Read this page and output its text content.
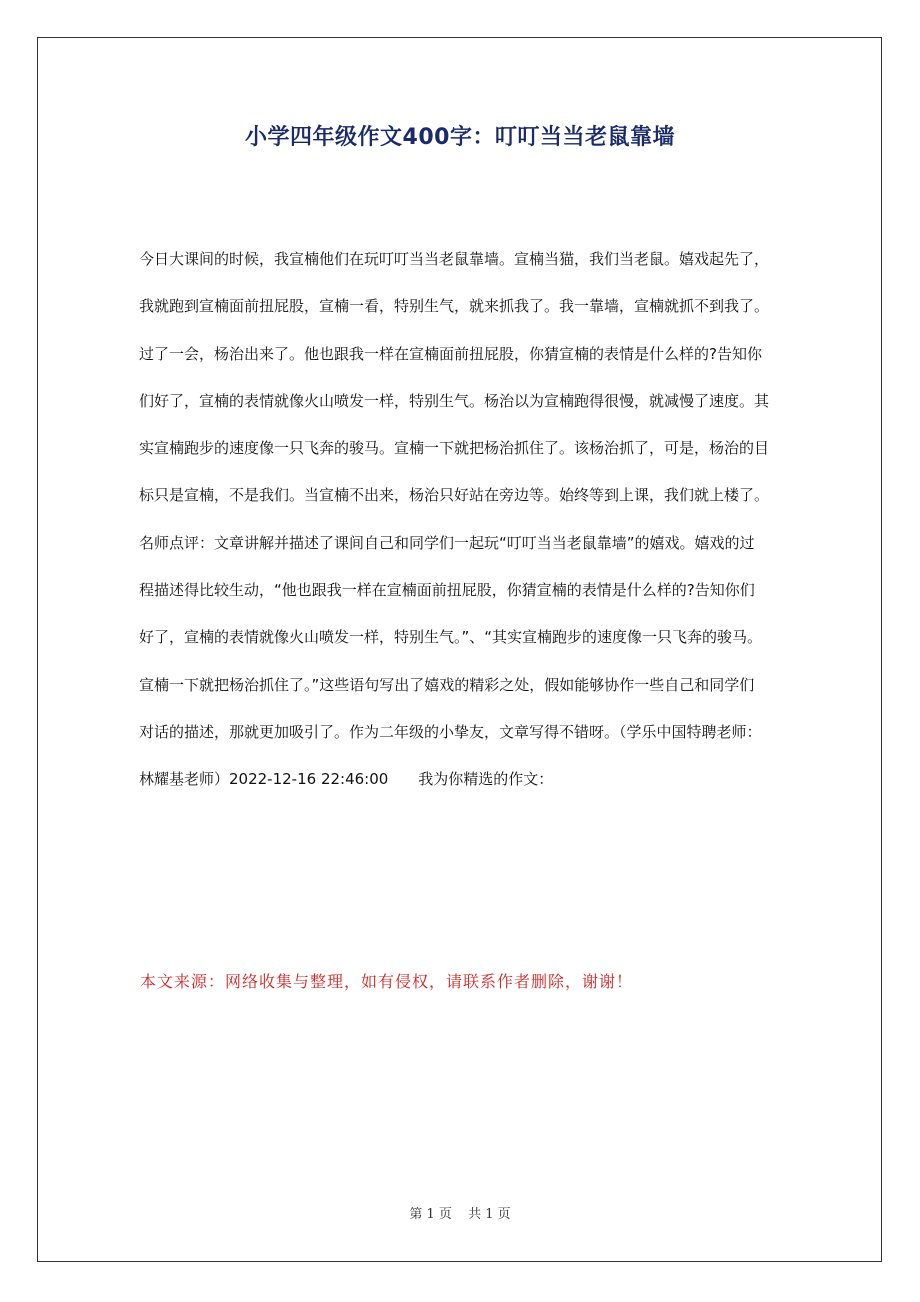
小学四年级作文400字：叮叮当当老鼠靠墙
今日大课间的时候，我宣楠他们在玩叮叮当当老鼠靠墙。宣楠当猫，我们当老鼠。嬉戏起先了，
我就跑到宣楠面前扭屁股，宣楠一看，特别生气，就来抓我了。我一靠墙，宣楠就抓不到我了。
过了一会，杨治出来了。他也跟我一样在宣楠面前扭屁股，你猜宣楠的表情是什么样的?告知你
们好了，宣楠的表情就像火山喷发一样，特别生气。杨治以为宣楠跑得很慢，就减慢了速度。其
实宣楠跑步的速度像一只飞奔的骏马。宣楠一下就把杨治抓住了。该杨治抓了，可是，杨治的目
标只是宣楠，不是我们。当宣楠不出来，杨治只好站在旁边等。始终等到上课，我们就上楼了。
名师点评：文章讲解并描述了课间自己和同学们一起玩“叮叮当当老鼠靠墙”的嬉戏。嬉戏的过
程描述得比较生动，“他也跟我一样在宣楠面前扭屁股，你猜宣楠的表情是什么样的?告知你们
好了，宣楠的表情就像火山喷发一样，特别生气。”、“其实宣楠跑步的速度像一只飞奔的骏马。
宣楠一下就把杨治抓住了。”这些语句写出了嬉戏的精彩之处，假如能够协作一些自己和同学们
对话的描述，那就更加吸引了。作为二年级的小挚友，文章写得不错呀。（学乐中国特聘老师：
林耀基老师）2022-12-16 22:46:00　　我为你精选的作文：
本文来源：网络收集与整理，如有侵权，请联系作者删除，谢谢！
第 1 页 共 1 页
